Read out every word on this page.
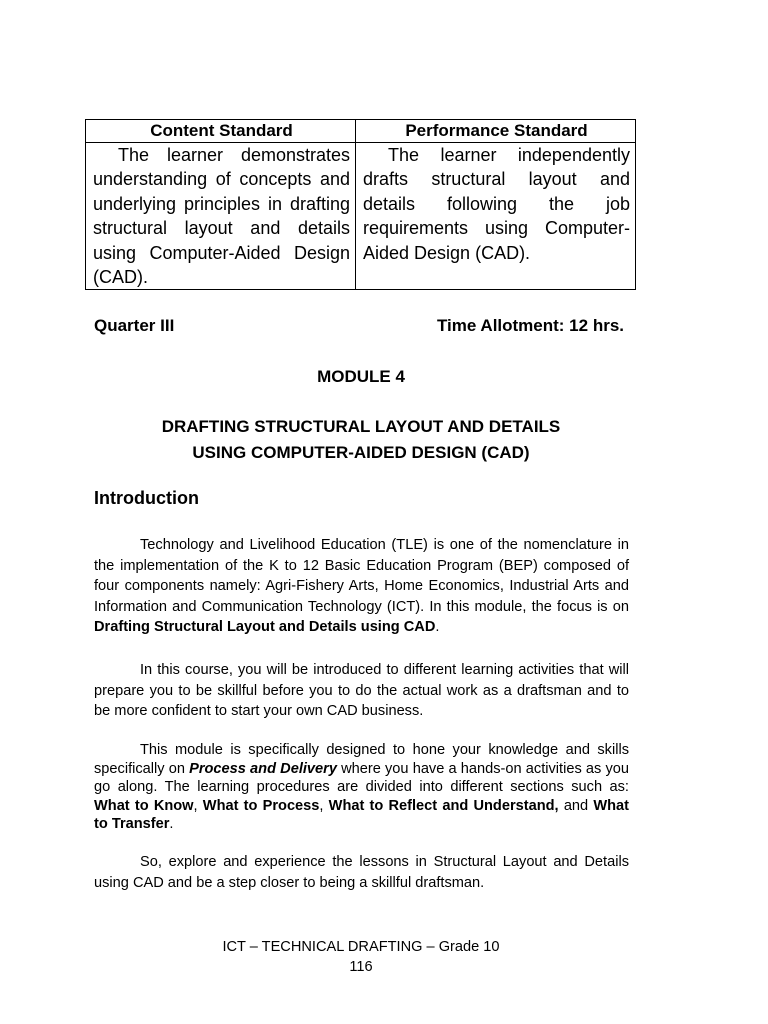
Content Standard	Performance Standard
The learner demonstrates understanding of concepts and underlying principles in drafting structural layout and details using Computer-Aided Design (CAD).	The learner independently drafts structural layout and details following the job requirements using Computer-Aided Design (CAD).
Quarter III	Time Allotment: 12 hrs.
MODULE 4
DRAFTING STRUCTURAL LAYOUT AND DETAILS
USING COMPUTER-AIDED DESIGN (CAD)
Introduction
Technology and Livelihood Education (TLE) is one of the nomenclature in the implementation of the K to 12 Basic Education Program (BEP) composed of four components namely: Agri-Fishery Arts, Home Economics, Industrial Arts and Information and Communication Technology (ICT). In this module, the focus is on Drafting Structural Layout and Details using CAD.
In this course, you will be introduced to different learning activities that will prepare you to be skillful before you to do the actual work as a draftsman and to be more confident to start your own CAD business.
This module is specifically designed to hone your knowledge and skills specifically on Process and Delivery where you have a hands-on activities as you go along. The learning procedures are divided into different sections such as: What to Know, What to Process, What to Reflect and Understand, and What to Transfer.
So, explore and experience the lessons in Structural Layout and Details using CAD and be a step closer to being a skillful draftsman.
ICT – TECHNICAL DRAFTING – Grade 10
116
